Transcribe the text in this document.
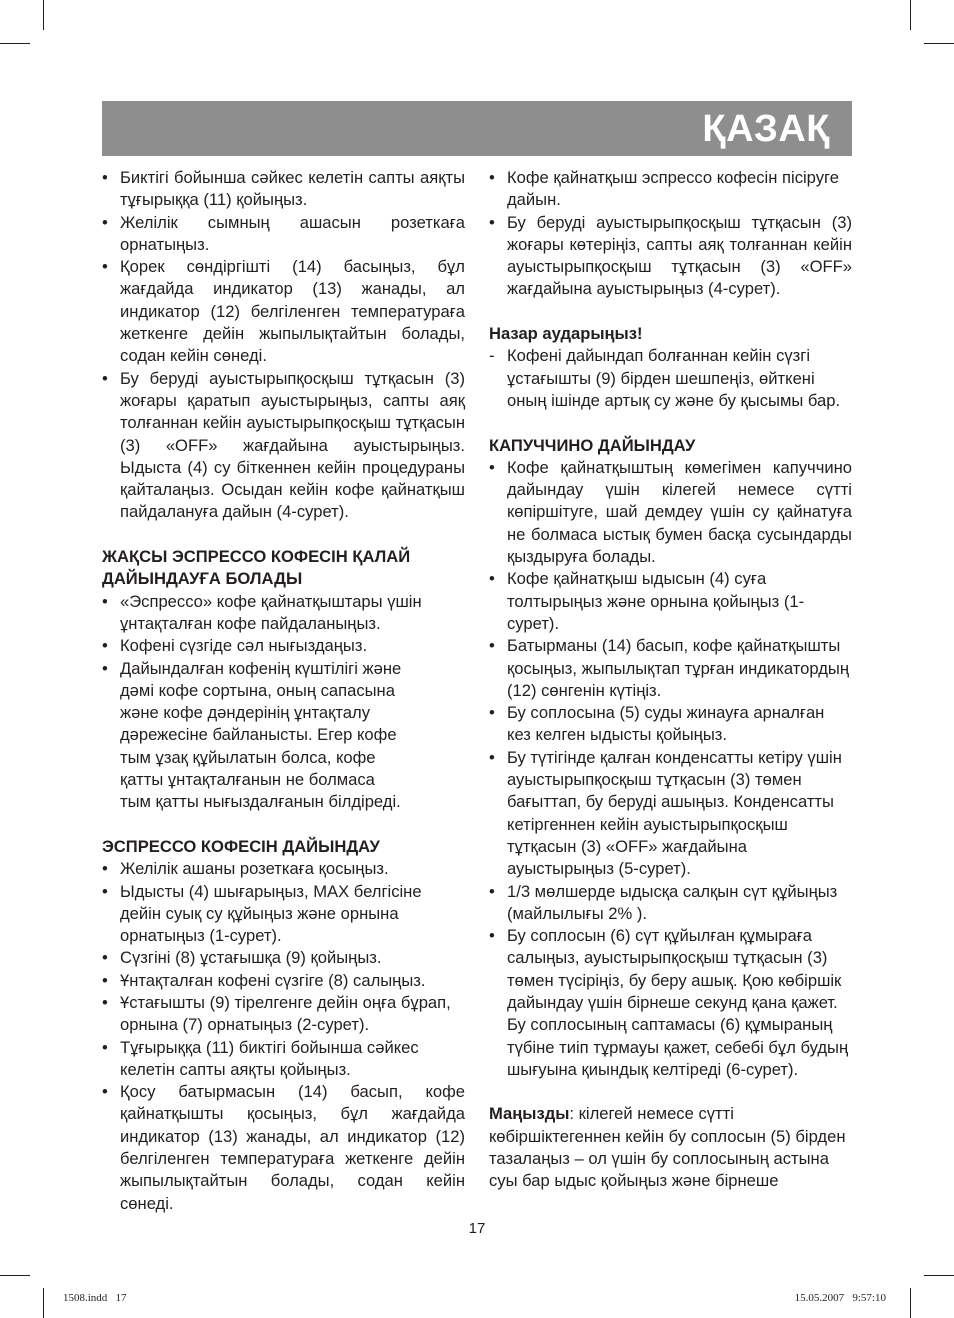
ҚАЗАҚ
• Биктігі бойынша сәйкес келетін сапты аяқты тұғырыққа (11) қойыңыз.
• Желілік сымның ашасын розеткаға орнатыңыз.
• Қорек сөндіргішті (14) басыңыз, бұл жағдайда индикатор (13) жанады, ал индикатор (12) белгіленген температураға жеткенге дейін жыпылықтайтын болады, содан кейін сөнеді.
• Бу беруді ауыстырыпқосқыш тұтқасын (3) жоғары қаратып ауыстырыңыз, сапты аяқ толғаннан кейін ауыстырыпқосқыш тұтқасын (3) «OFF» жағдайына ауыстырыңыз. Ыдыста (4) су біткеннен кейін процедураны қайталаңыз. Осыдан кейін кофе қайнатқыш пайдалануға дайын (4-сурет).
ЖАҚСЫ ЭСПРЕССО КОФЕСІН ҚАЛАЙ ДАЙЫНДАУҒА БОЛАДЫ
• «Эспрессо» кофе қайнатқыштары үшін ұнтақталған кофе пайдаланыңыз.
• Кофені сүзгіде сәл нығыздаңыз.
• Дайындалған кофенің күштілігі және дәмі кофе сортына, оның сапасына және кофе дәндерінің ұнтақталу дәрежесіне байланысты. Егер кофе тым ұзақ құйылатын болса, кофе қатты ұнтақталғанын не болмаса тым қатты нығыздалғанын білдіреді.
ЭСПРЕССО КОФЕСІН ДАЙЫНДАУ
• Желілік ашаны розеткаға қосыңыз.
• Ыдысты (4) шығарыңыз, MAX белгісіне дейін суық су құйыңыз және орнына орнатыңыз (1-сурет).
• Сүзгіні (8) ұстағышқа (9) қойыңыз.
• Ұнтақталған кофені сүзгіге (8) салыңыз.
• Ұстағышты (9) тірелгенге дейін оңға бұрап, орнына (7) орнатыңыз (2-сурет).
• Тұғырыққа (11) биктігі бойынша сәйкес келетін сапты аяқты қойыңыз.
• Қосу батырмасын (14) басып, кофе қайнатқышты қосыңыз, бұл жағдайда индикатор (13) жанады, ал индикатор (12) белгіленген температураға жеткенге дейін жыпылықтайтын болады, содан кейін сөнеді.
• Кофе қайнатқыш эспрессо кофесін пісіруге дайын.
• Бу беруді ауыстырыпқосқыш тұтқасын (3) жоғары көтеріңіз, сапты аяқ толғаннан кейін ауыстырыпқосқыш тұтқасын (3) «OFF» жағдайына ауыстырыңыз (4-сурет).
Назар аударыңыз!
- Кофені дайындап болғаннан кейін сүзгі ұстағышты (9) бірден шешпеңіз, өйткені оның ішінде артық су және бу қысымы бар.
КАПУЧЧИНО ДАЙЫНДАУ
• Кофе қайнатқыштың көмегімен капуччино дайындау үшін кілегей немесе сүтті көпіршітуге, шай демдеу үшін су қайнатуға не болмаса ыстық бумен басқа сусындарды қыздыруға болады.
• Кофе қайнатқыш ыдысын (4) суға толтырыңыз және орнына қойыңыз (1-сурет).
• Батырманы (14) басып, кофе қайнатқышты қосыңыз, жыпылықтап тұрған индикатордың (12) сөнгенін күтіңіз.
• Бу соплосына (5) суды жинауға арналған кез келген ыдысты қойыңыз.
• Бу түтігінде қалған конденсатты кетіру үшін ауыстырыпқосқыш тұтқасын (3) төмен бағыттап, бу беруді ашыңыз. Конденсатты кетіргеннен кейін ауыстырыпқосқыш тұтқасын (3) «OFF» жағдайына ауыстырыңыз (5-сурет).
• 1/3 мөлшерде ыдысқа салқын сүт құйыңыз (майлылығы 2% ).
• Бу соплосын (6) сүт құйылған құмыраға салыңыз, ауыстырыпқосқыш тұтқасын (3) төмен түсіріңіз, бу беру ашық. Қою көбіршік дайындау үшін бірнеше секунд қана қажет. Бу соплосының саптамасы (6) құмыраның түбіне тиіп тұрмауы қажет, себебі бұл будың шығуына қиындық келтіреді (6-сурет).
Маңызды: кілегей немесе сүтті көбіршіктегеннен кейін бу соплосын (5) бірден тазалаңыз – ол үшін бу соплосының астына суы бар ыдыс қойыңыз және бірнеше
17
1508.indd   17	15.05.2007   9:57:10
